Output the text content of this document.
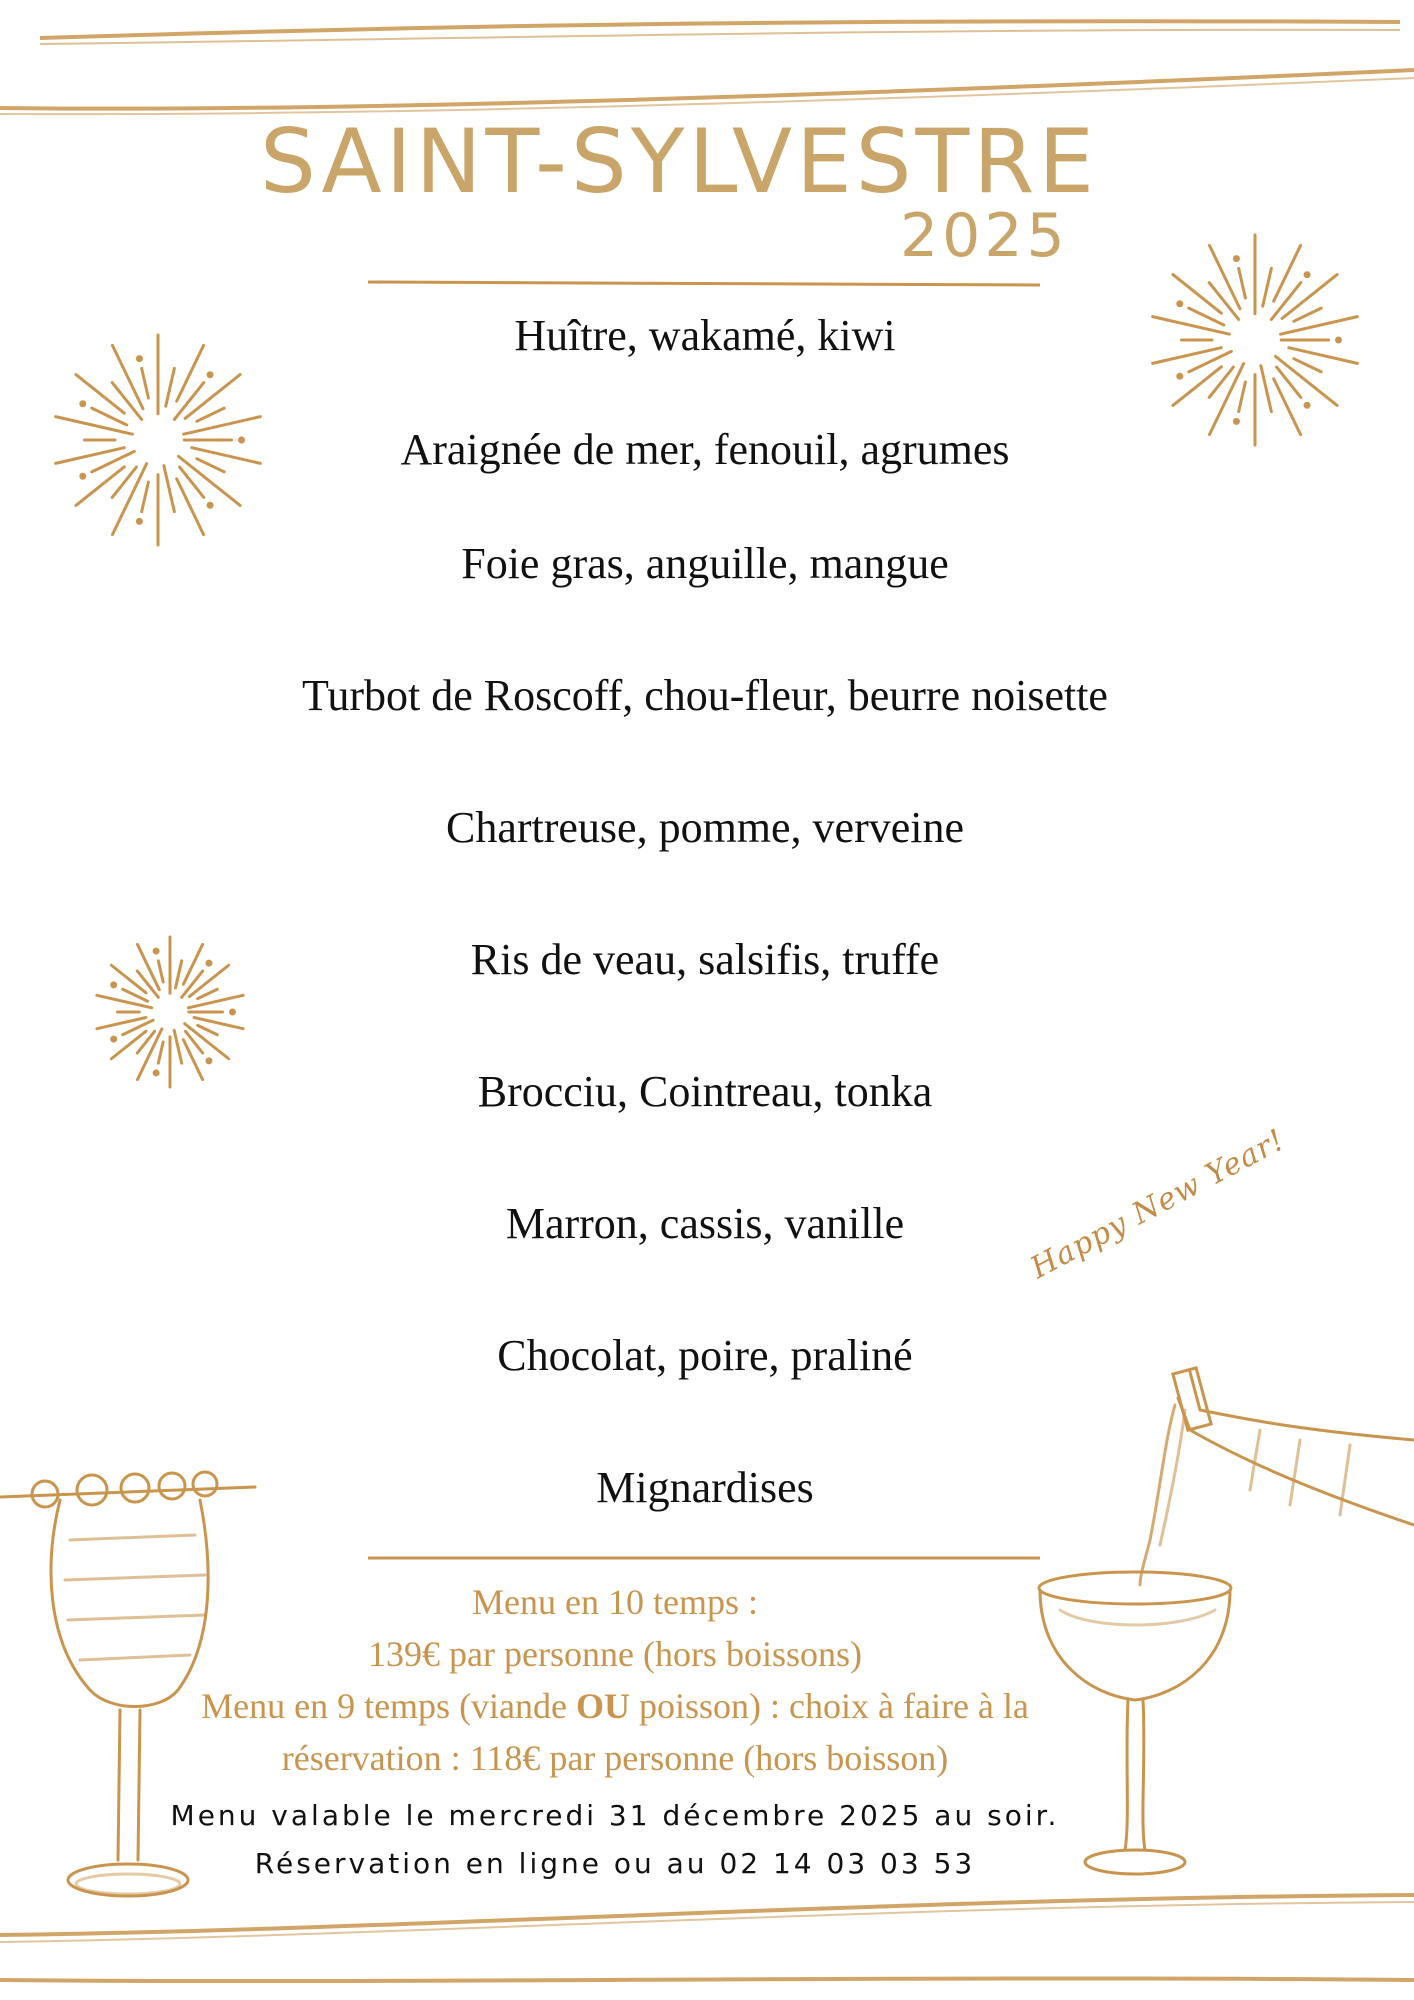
SAINT-SYLVESTRE
2025
Huître, wakamé, kiwi
Araignée de mer, fenouil, agrumes
Foie gras, anguille, mangue
Turbot de Roscoff, chou-fleur, beurre noisette
Chartreuse, pomme, verveine
Ris de veau, salsifis, truffe
Brocciu, Cointreau, tonka
Marron, cassis, vanille
Chocolat, poire, praliné
Mignardises
Happy New Year!
Menu en 10 temps :
139€ par personne (hors boissons)
Menu en 9 temps (viande OU poisson) : choix à faire à la
réservation : 118€ par personne (hors boisson)
Menu valable le mercredi 31 décembre 2025 au soir.
Réservation en ligne ou au 02 14 03 03 53
